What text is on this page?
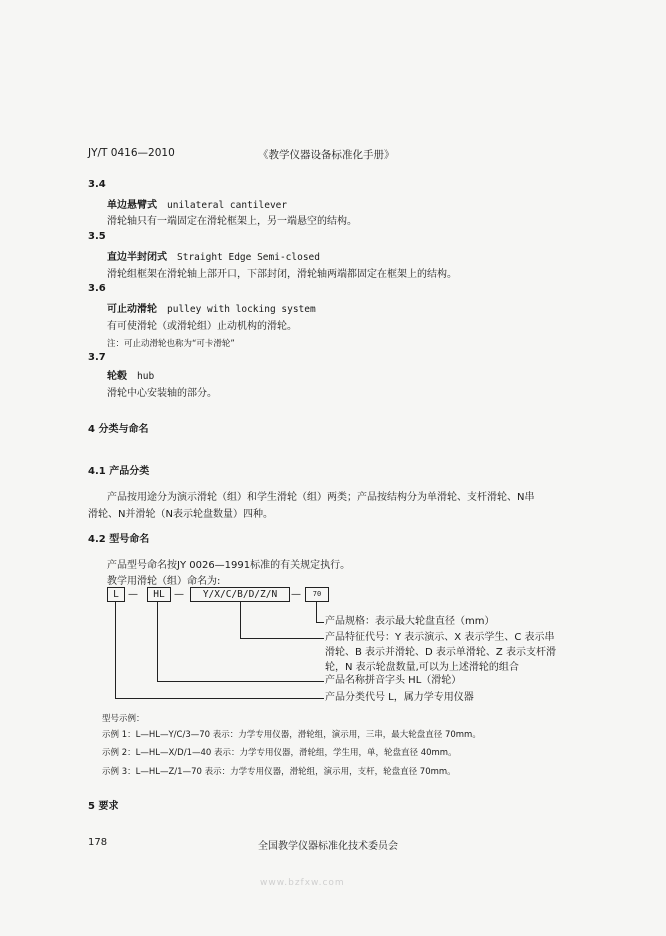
JY/T 0416—2010	《教学仪器设备标准化手册》
3.4
单边悬臂式 unilateral cantilever
滑轮轴只有一端固定在滑轮框架上，另一端悬空的结构。
3.5
直边半封闭式 Straight Edge Semi-closed
滑轮组框架在滑轮轴上部开口，下部封闭，滑轮轴两端都固定在框架上的结构。
3.6
可止动滑轮 pulley with locking system
有可使滑轮（或滑轮组）止动机构的滑轮。
注：可止动滑轮也称为“可卡滑轮”
3.7
轮毂 hub
滑轮中心安装轴的部分。
4 分类与命名
4.1 产品分类
产品按用途分为演示滑轮（组）和学生滑轮（组）两类；产品按结构分为单滑轮、支杆滑轮、N串
滑轮、N并滑轮（N表示轮盘数量）四种。
4.2 型号命名
产品型号命名按JY 0026—1991标准的有关规定执行。
教学用滑轮（组）命名为:
L —	HL —	Y/X/C/B/D/Z/N	—	70
产品规格：表示最大轮盘直径（mm）
产品特征代号：Y 表示演示、X 表示学生、C 表示串
滑轮、B 表示并滑轮、D 表示单滑轮、Z 表示支杆滑
轮，N 表示轮盘数量,可以为上述滑轮的组合
产品名称拼音字头 HL（滑轮）
产品分类代号 L，属力学专用仪器
型号示例：
示例 1：L—HL—Y/C/3—70 表示：力学专用仪器，滑轮组，演示用，三串，最大轮盘直径 70mm。
示例 2：L—HL—X/D/1—40 表示：力学专用仪器，滑轮组，学生用，单，轮盘直径 40mm。
示例 3：L—HL—Z/1—70 表示：力学专用仪器，滑轮组，演示用，支杆，轮盘直径 70mm。
5 要求
178	全国教学仪器标准化技术委员会
www.bzfxw.com
